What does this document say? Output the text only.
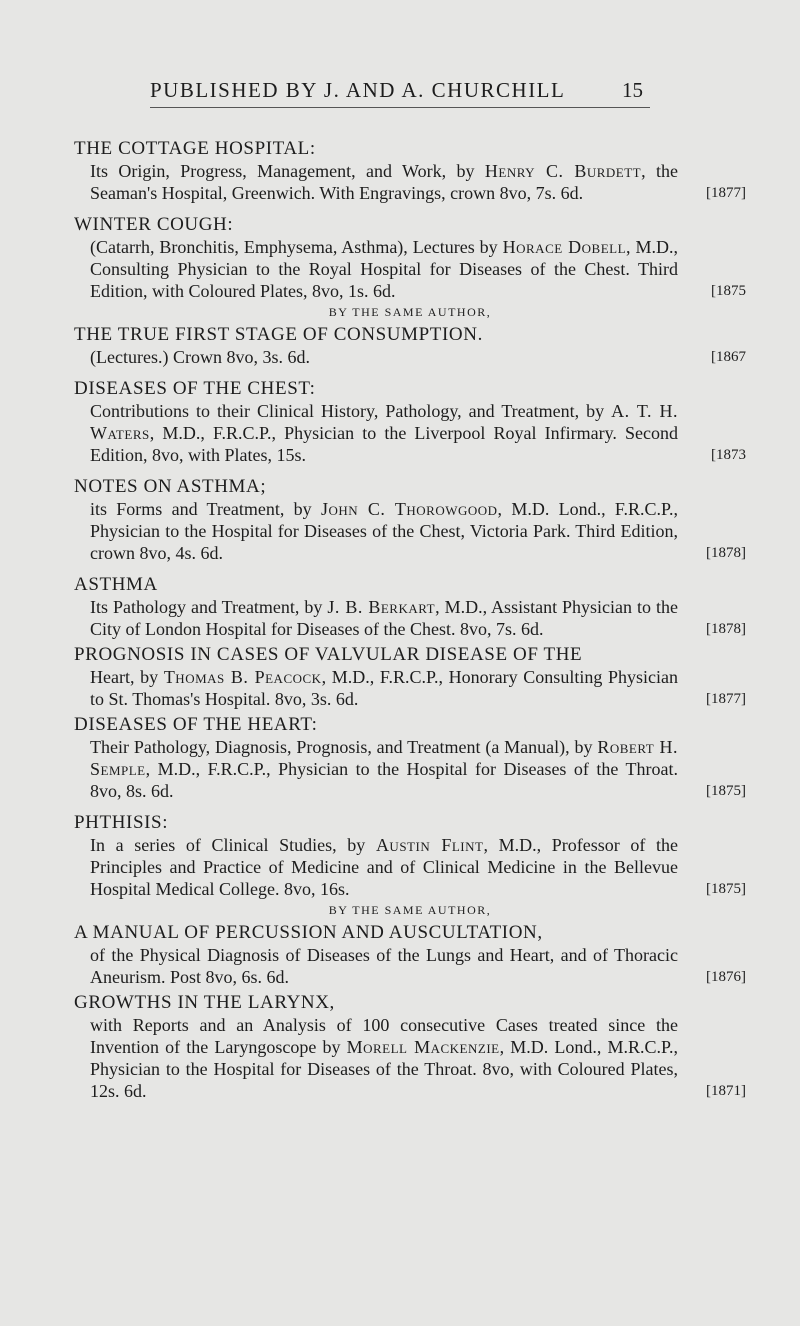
PUBLISHED BY J. AND A. CHURCHILL	15
THE COTTAGE HOSPITAL:
Its Origin, Progress, Management, and Work, by Henry C. Burdett, the Seaman's Hospital, Greenwich. With Engravings, crown 8vo, 7s. 6d.	[1877]
WINTER COUGH:
(Catarrh, Bronchitis, Emphysema, Asthma), Lectures by Horace Dobell, M.D., Consulting Physician to the Royal Hospital for Diseases of the Chest. Third Edition, with Coloured Plates, 8vo, 1s. 6d.	[1875
BY THE SAME AUTHOR,
THE TRUE FIRST STAGE OF CONSUMPTION.
(Lectures.) Crown 8vo, 3s. 6d.	[1867
DISEASES OF THE CHEST:
Contributions to their Clinical History, Pathology, and Treatment, by A. T. H. Waters, M.D., F.R.C.P., Physician to the Liverpool Royal Infirmary. Second Edition, 8vo, with Plates, 15s.	[1873
NOTES ON ASTHMA;
its Forms and Treatment, by John C. Thorowgood, M.D. Lond., F.R.C.P., Physician to the Hospital for Diseases of the Chest, Victoria Park. Third Edition, crown 8vo, 4s. 6d.	[1878]
ASTHMA
Its Pathology and Treatment, by J. B. Berkart, M.D., Assistant Physician to the City of London Hospital for Diseases of the Chest. 8vo, 7s. 6d.	[1878]
PROGNOSIS IN CASES OF VALVULAR DISEASE OF THE
Heart, by Thomas B. Peacock, M.D., F.R.C.P., Honorary Consulting Physician to St. Thomas's Hospital. 8vo, 3s. 6d.	[1877]
DISEASES OF THE HEART:
Their Pathology, Diagnosis, Prognosis, and Treatment (a Manual), by Robert H. Semple, M.D., F.R.C.P., Physician to the Hospital for Diseases of the Throat. 8vo, 8s. 6d.	[1875]
PHTHISIS:
In a series of Clinical Studies, by Austin Flint, M.D., Professor of the Principles and Practice of Medicine and of Clinical Medicine in the Bellevue Hospital Medical College. 8vo, 16s.	[1875]
BY THE SAME AUTHOR,
A MANUAL OF PERCUSSION AND AUSCULTATION,
of the Physical Diagnosis of Diseases of the Lungs and Heart, and of Thoracic Aneurism. Post 8vo, 6s. 6d.	[1876]
GROWTHS IN THE LARYNX,
with Reports and an Analysis of 100 consecutive Cases treated since the Invention of the Laryngoscope by Morell Mackenzie, M.D. Lond., M.R.C.P., Physician to the Hospital for Diseases of the Throat. 8vo, with Coloured Plates, 12s. 6d.	[1871]
